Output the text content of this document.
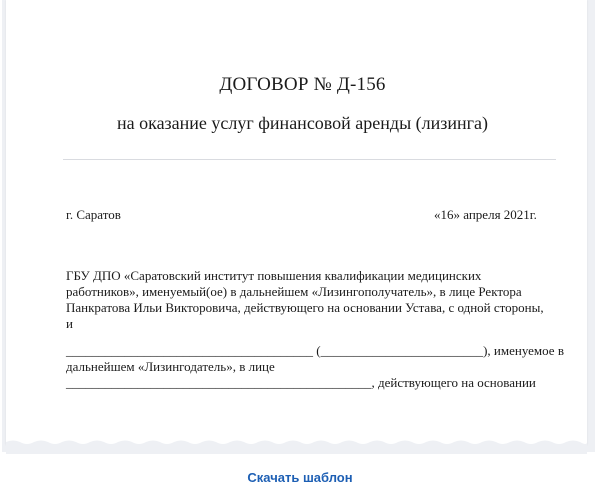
ДОГОВОР № Д-156
на оказание услуг финансовой аренды (лизинга)
г. Саратов	«16» апреля 2021г.
ГБУ ДПО «Саратовский институт повышения квалификации медицинских
работников», именуемый(ое) в дальнейшем «Лизингополучатель», в лице Ректора
Панкратова Ильи Викторовича, действующего на основании Устава, с одной стороны,
и
______________________________________ (_________________________), именуемое в
дальнейшем «Лизингодатель», в лице
_______________________________________________, действующего на основании
Скачать шаблон
